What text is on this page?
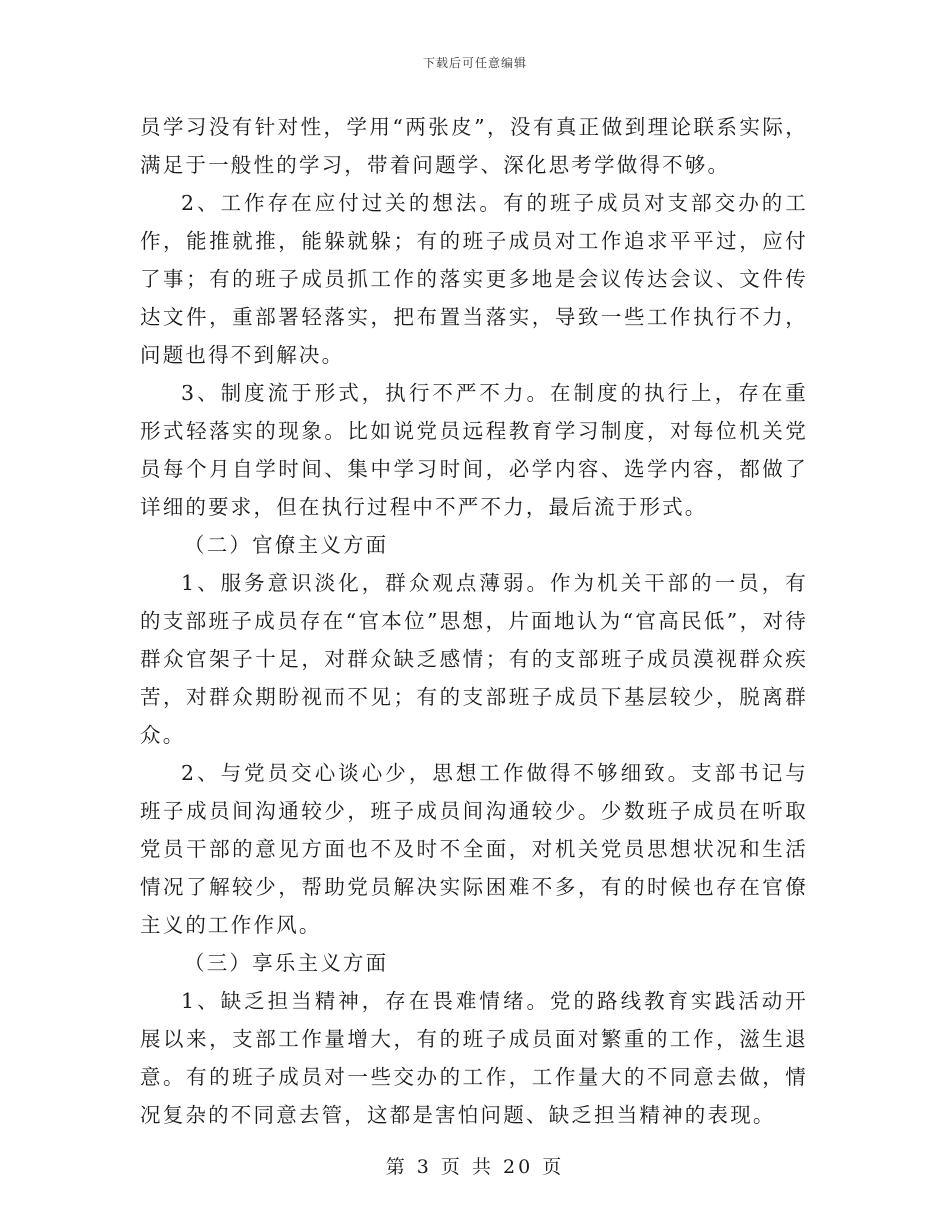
下载后可任意编辑

员学习没有针对性，学用“两张皮”，没有真正做到理论联系实际，满足于一般性的学习，带着问题学、深化思考学做得不够。

2、工作存在应付过关的想法。有的班子成员对支部交办的工作，能推就推，能躲就躲；有的班子成员对工作追求平平过，应付了事；有的班子成员抓工作的落实更多地是会议传达会议、文件传达文件，重部署轻落实，把布置当落实，导致一些工作执行不力，问题也得不到解决。

3、制度流于形式，执行不严不力。在制度的执行上，存在重形式轻落实的现象。比如说党员远程教育学习制度，对每位机关党员每个月自学时间、集中学习时间，必学内容、选学内容，都做了详细的要求，但在执行过程中不严不力，最后流于形式。

（二）官僚主义方面

1、服务意识淡化，群众观点薄弱。作为机关干部的一员，有的支部班子成员存在“官本位”思想，片面地认为“官高民低”，对待群众官架子十足，对群众缺乏感情；有的支部班子成员漠视群众疾苦，对群众期盼视而不见；有的支部班子成员下基层较少，脱离群众。

2、与党员交心谈心少，思想工作做得不够细致。支部书记与班子成员间沟通较少，班子成员间沟通较少。少数班子成员在听取党员干部的意见方面也不及时不全面，对机关党员思想状况和生活情况了解较少，帮助党员解决实际困难不多，有的时候也存在官僚主义的工作作风。

（三）享乐主义方面

1、缺乏担当精神，存在畏难情绪。党的路线教育实践活动开展以来，支部工作量增大，有的班子成员面对繁重的工作，滋生退意。有的班子成员对一些交办的工作，工作量大的不同意去做，情况复杂的不同意去管，这都是害怕问题、缺乏担当精神的表现。

第 3 页 共 20 页
